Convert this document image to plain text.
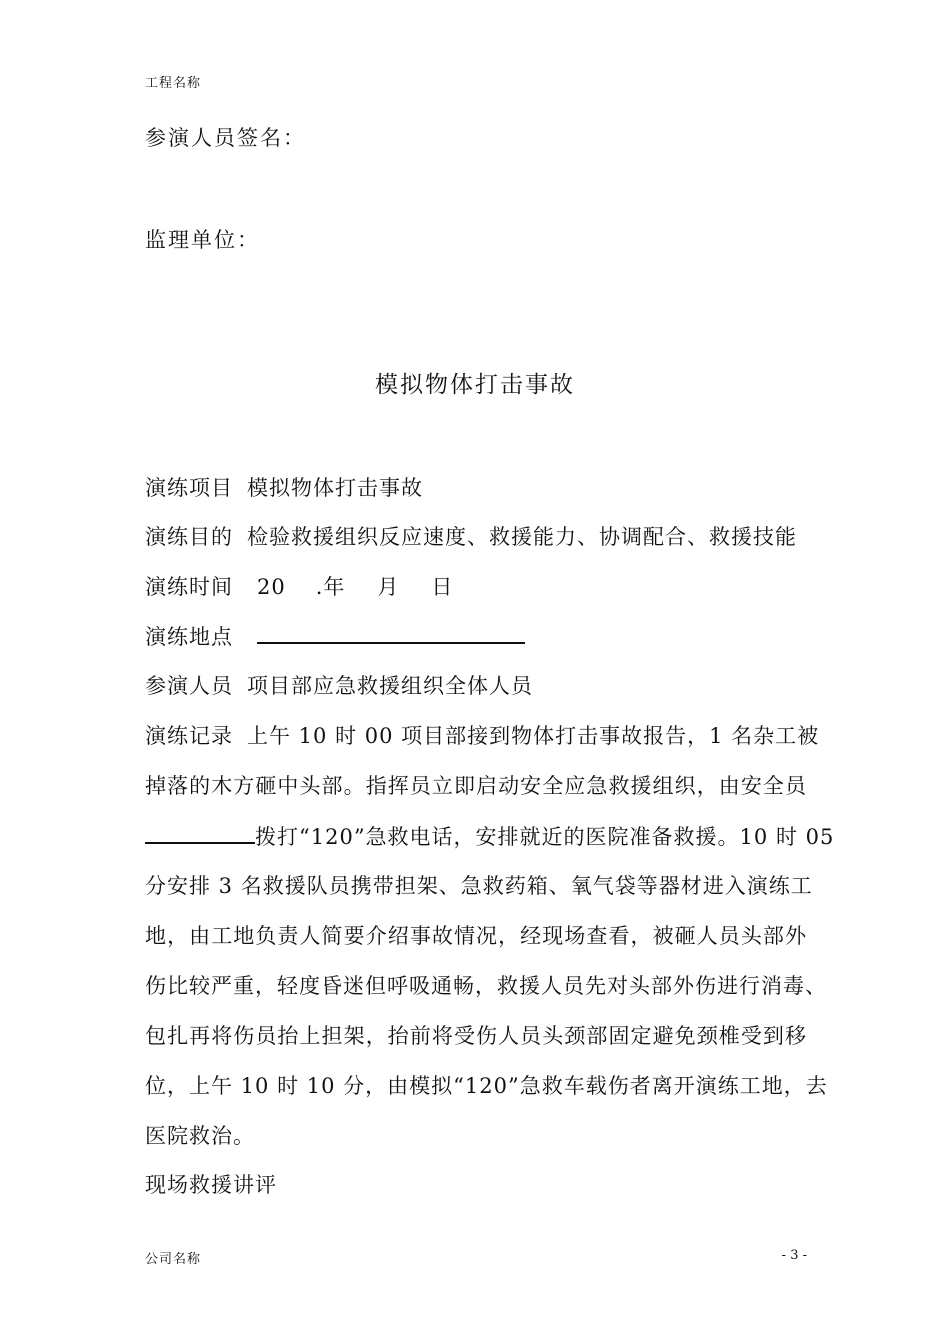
工程名称
参演人员签名：
监理单位：
模拟物体打击事故
演练项目 模拟物体打击事故
演练目的 检验救援组织反应速度、救援能力、协调配合、救援技能
演练时间 20 .年 月 日
演练地点
参演人员 项目部应急救援组织全体人员
演练记录 上午 10 时 00 项目部接到物体打击事故报告，1 名杂工被
掉落的木方砸中头部。指挥员立即启动安全应急救援组织，由安全员
拨打“120”急救电话，安排就近的医院准备救援。10 时 05
分安排 3 名救援队员携带担架、急救药箱、氧气袋等器材进入演练工
地，由工地负责人简要介绍事故情况，经现场查看，被砸人员头部外
伤比较严重，轻度昏迷但呼吸通畅，救援人员先对头部外伤进行消毒、
包扎再将伤员抬上担架，抬前将受伤人员头颈部固定避免颈椎受到移
位，上午 10 时 10 分，由模拟“120”急救车载伤者离开演练工地，去
医院救治。
现场救援讲评
公司名称	- 3 -
